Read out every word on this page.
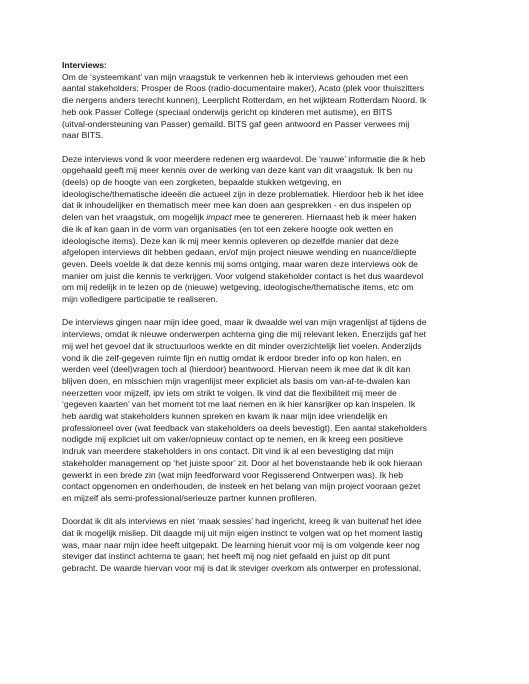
Interviews:

Om de ‘systeemkant’ van mijn vraagstuk te verkennen heb ik interviews gehouden met een
aantal stakeholders; Prosper de Roos (radio-documentaire maker), Acato (plek voor thuiszitters
die nergens anders terecht kunnen), Leerplicht Rotterdam, en het wijkteam Rotterdam Noord. Ik
heb ook Passer College (speciaal onderwijs gericht op kinderen met autisme), en BITS
(uitval-ondersteuning van Passer) gemaild. BITS gaf geen antwoord en Passer verwees mij
naar BITS.

Deze interviews vond ik voor meerdere redenen erg waardevol. De ‘rauwe’ informatie die ik heb
opgehaald geeft mij meer kennis over de werking van deze kant van dit vraagstuk. Ik ben nu
(deels) op de hoogte van een zorgketen, bepaalde stukken wetgeving, en
ideologische/thematische ideeën die actueel zijn in deze problematiek. Hierdoor heb ik het idee
dat ik inhoudelijker en thematisch meer mee kan doen aan gesprekken - en dus inspelen op
delen van het vraagstuk, om mogelijk impact mee te genereren. Hiernaast heb ik meer haken
die ik af kan gaan in de vorm van organisaties (en tot een zekere hoogte ook wetten en
ideologische items). Deze kan ik mij meer kennis opleveren op dezelfde manier dat deze
afgelopen interviews dit hebben gedaan, en/of mijn project nieuwe wending en nuance/diepte
geven. Deels voelde ik dat deze kennis mij soms ontging, maar waren deze interviews ook de
manier om juist die kennis te verkrijgen. Voor volgend stakeholder contact is het dus waardevol
om mij redelijk in te lezen op de (nieuwe) wetgeving, ideologische/thematische items, etc om
mijn volledigere participatie te realiseren.

De interviews gingen naar mijn idee goed, maar ik dwaalde wel van mijn vragenlijst af tijdens de
interviews, omdat ik nieuwe onderwerpen achterna ging die mij relevant leken. Enerzijds gaf het
mij wel het gevoel dat ik structuurloos werkte en dit minder overzichtelijk liet voelen. Anderzijds
vond ik die zelf-gegeven ruimte fijn en nuttig omdat ik erdoor breder info op kon halen, en
werden veel (deel)vragen toch al (hierdoor) beantwoord. Hiervan neem ik mee dat ik dit kan
blijven doen, en misschien mijn vragenlijst meer expliciet als basis om van-af-te-dwalen kan
neerzetten voor mijzelf, ipv iets om strikt te volgen. Ik vind dat die flexibiliteit mij meer de
‘gegeven kaarten’ van het moment tot me laat nemen en ik hier kansrijker op kan inspelen. Ik
heb aardig wat stakeholders kunnen spreken en kwam ik naar mijn idee vriendelijk en
professioneel over (wat feedback van stakeholders oa deels bevestigt). Een aantal stakeholders
nodigde mij expliciet uit om vaker/opnieuw contact op te nemen, en ik kreeg een positieve
indruk van meerdere stakeholders in ons contact. Dit vind ik al een bevestiging dat mijn
stakeholder management op ‘het juiste spoor’ zit. Door al het bovenstaande heb ik ook hieraan
gewerkt in een brede zin (wat mijn feedforward voor Regisserend Ontwerpen was). Ik heb
contact opgenomen en onderhouden, de insteek en het belang van mijn project vooraan gezet
en mijzelf als semi-professional/serieuze partner kunnen profileren.

Doordat ik dit als interviews en niet ‘maak sessies’ had ingericht, kreeg ik van buitenaf het idee
dat ik mogelijk misliep. Dit daagde mij uit mijn eigen instinct te volgen wat op het moment lastig
was, maar naar mijn idee heeft uitgepakt. De learning hieruit voor mij is om volgende keer nog
steviger dat instinct achterna te gaan; het heeft mij nog niet gefaald en juist op dit punt
gebracht. De waarde hiervan voor mij is dat ik steviger overkom als ontwerper en professional,
